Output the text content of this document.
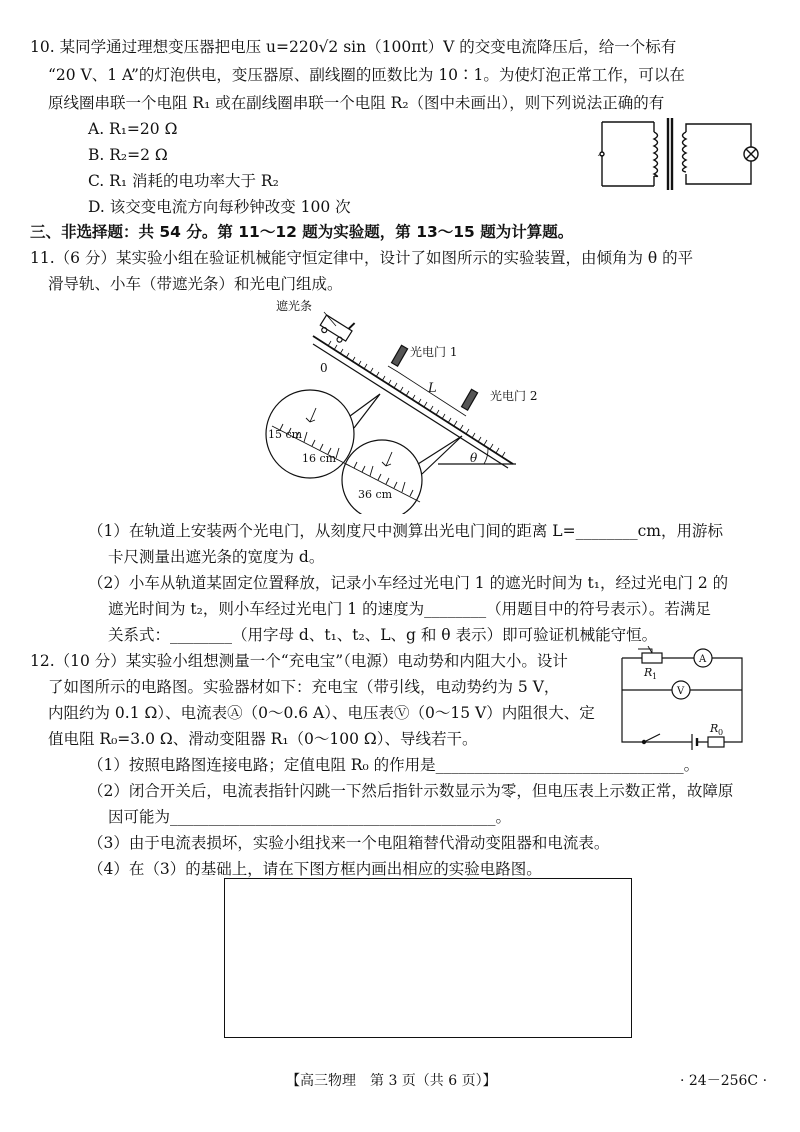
10. 某同学通过理想变压器把电压 u=220√2 sin（100πt）V 的交变电流降压后，给一个标有
“20 V、1 A”的灯泡供电，变压器原、副线圈的匝数比为 10∶1。为使灯泡正常工作，可以在
原线圈串联一个电阻 R₁ 或在副线圈串联一个电阻 R₂（图中未画出），则下列说法正确的有
A. R₁=20 Ω
B. R₂=2 Ω
C. R₁ 消耗的电功率大于 R₂
D. 该交变电流方向每秒钟改变 100 次
~
三、非选择题：共 54 分。第 11～12 题为实验题，第 13～15 题为计算题。
11.（6 分）某实验小组在验证机械能守恒定律中，设计了如图所示的实验装置，由倾角为 θ 的平
滑导轨、小车（带遮光条）和光电门组成。
遮光条
光电门 1
光电门 2
0
L
θ
15 cm
16 cm
36 cm
（1）在轨道上安装两个光电门，从刻度尺中测算出光电门间的距离 L=________cm，用游标
卡尺测量出遮光条的宽度为 d。
（2）小车从轨道某固定位置释放，记录小车经过光电门 1 的遮光时间为 t₁，经过光电门 2 的
遮光时间为 t₂，则小车经过光电门 1 的速度为________（用题目中的符号表示）。若满足
关系式：________（用字母 d、t₁、t₂、L、g 和 θ 表示）即可验证机械能守恒。
12.（10 分）某实验小组想测量一个“充电宝”（电源）电动势和内阻大小。设计
了如图所示的电路图。实验器材如下：充电宝（带引线，电动势约为 5 V，
内阻约为 0.1 Ω）、电流表Ⓐ（0～0.6 A）、电压表Ⓥ（0～15 V）内阻很大、定
值电阻 R₀=3.0 Ω、滑动变阻器 R₁（0～100 Ω）、导线若干。
R 1
A
V
R 0
（1）按照电路图连接电路；定值电阻 R₀ 的作用是________________________________。
（2）闭合开关后，电流表指针闪跳一下然后指针示数显示为零，但电压表上示数正常，故障原
因可能为__________________________________________。
（3）由于电流表损坏，实验小组找来一个电阻箱替代滑动变阻器和电流表。
（4）在（3）的基础上，请在下图方框内画出相应的实验电路图。
【高三物理　第 3 页（共 6 页）】	· 24－256C ·
